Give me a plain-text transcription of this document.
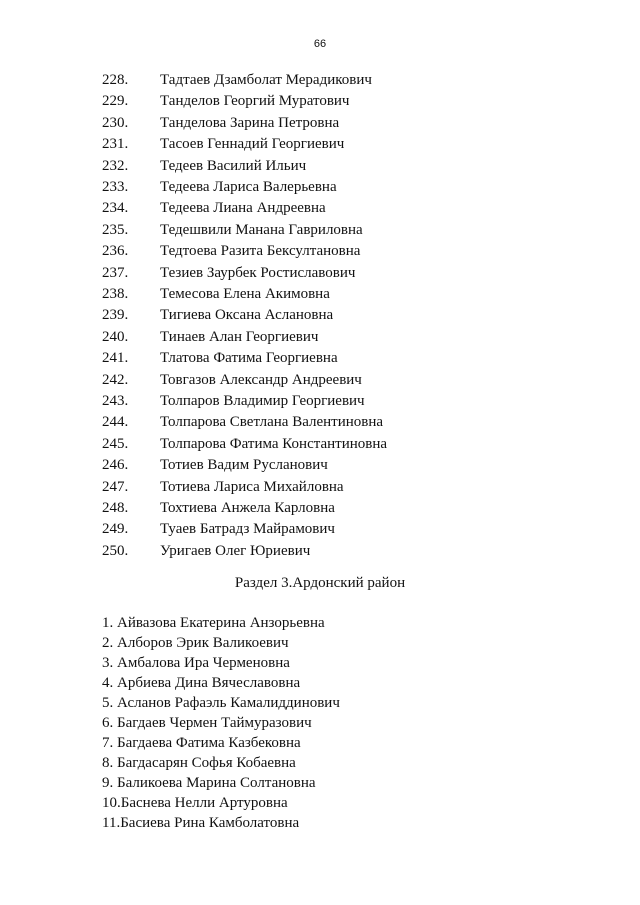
66
228. Тадтаев Дзамболат Мерадикович
229. Танделов Георгий Муратович
230. Танделова Зарина Петровна
231. Тасоев Геннадий Георгиевич
232. Тедеев Василий Ильич
233. Тедеева Лариса Валерьевна
234. Тедеева Лиана Андреевна
235. Тедешвили Манана Гавриловна
236. Тедтоева Разита Бексултановна
237. Тезиев Заурбек Ростиславович
238. Темесова Елена Акимовна
239. Тигиева Оксана Аслановна
240. Тинаев Алан Георгиевич
241. Тлатова Фатима Георгиевна
242. Товгазов Александр Андреевич
243. Толпаров Владимир Георгиевич
244. Толпарова Светлана Валентиновна
245. Толпарова Фатима Константиновна
246. Тотиев Вадим Русланович
247. Тотиева Лариса Михайловна
248. Тохтиева Анжела Карловна
249. Туаев Батрадз Майрамович
250. Уригаев Олег Юриевич
Раздел 3.Ардонский район
1. Айвазова Екатерина Анзорьевна
2. Алборов Эрик Валикоевич
3. Амбалова Ира Черменовна
4. Арбиева Дина Вячеславовна
5. Асланов Рафаэль Камалиддинович
6. Багдаев Чермен Таймуразович
7. Багдаева Фатима Казбековна
8. Багдасарян Софья Кобаевна
9. Баликоева Марина Солтановна
10.Баснева Нелли Артуровна
11.Басиева Рина Камболатовна
